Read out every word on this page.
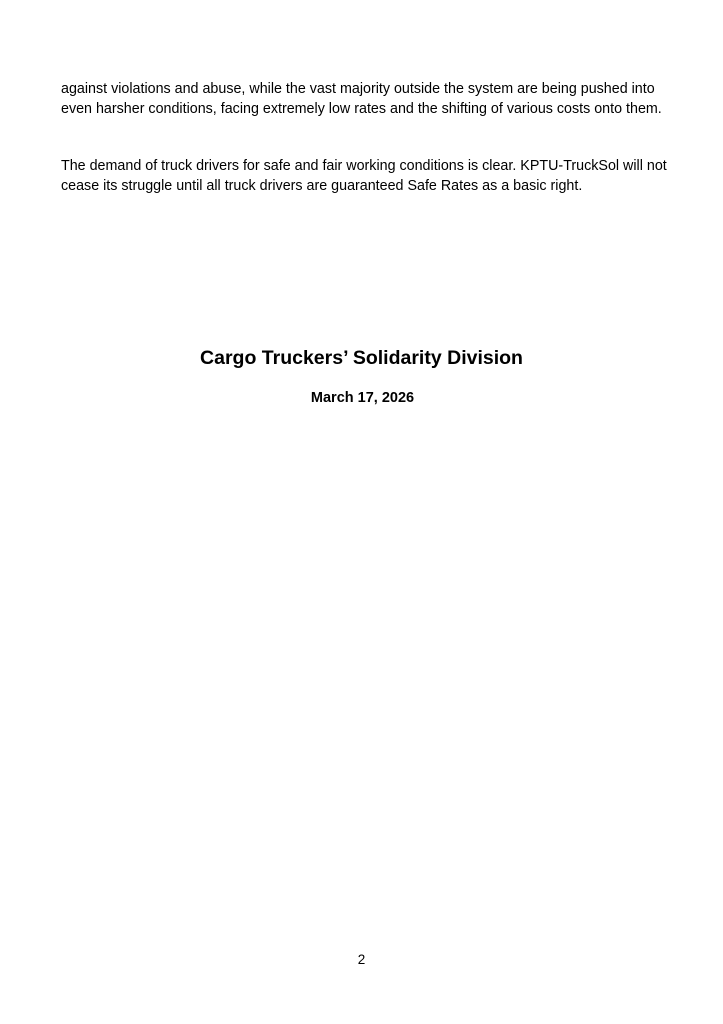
against violations and abuse, while the vast majority outside the system are being pushed into even harsher conditions, facing extremely low rates and the shifting of various costs onto them.

The demand of truck drivers for safe and fair working conditions is clear. KPTU-TruckSol will not cease its struggle until all truck drivers are guaranteed Safe Rates as a basic right.

Cargo Truckers’ Solidarity Division

March 17, 2026

2
